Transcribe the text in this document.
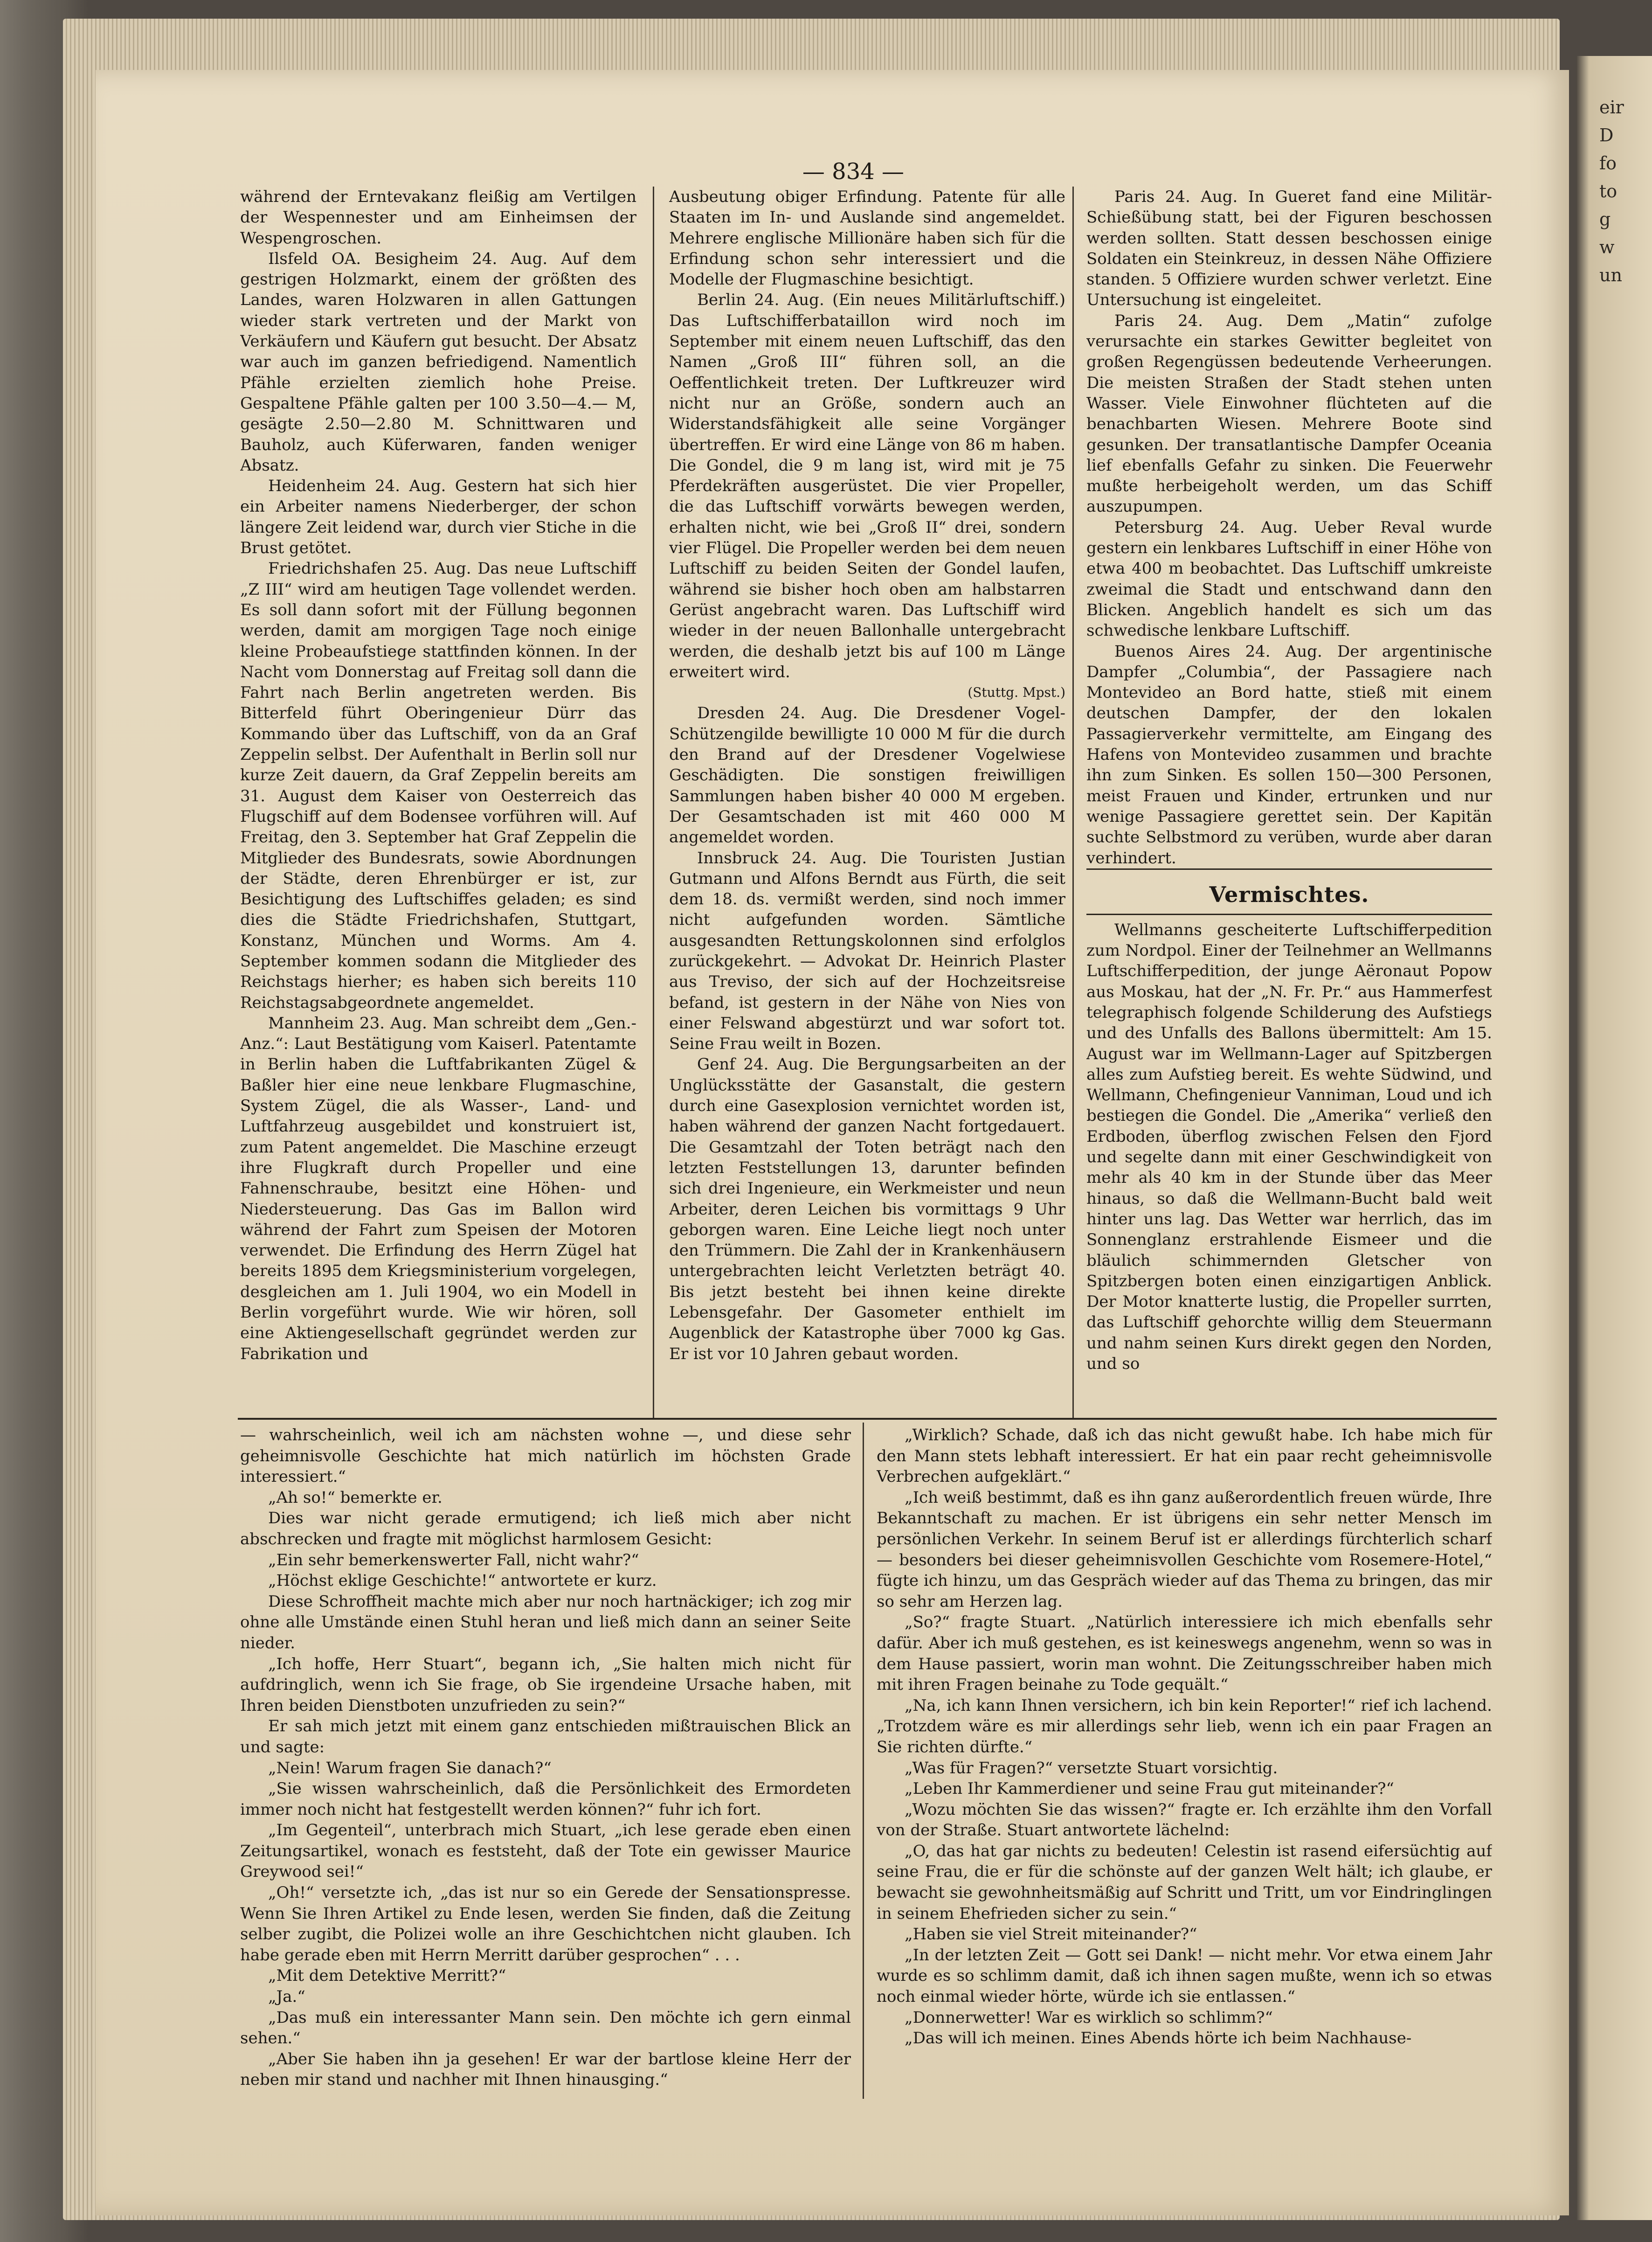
eir
D
fo
to
g
w
un
— 834 —

während der Erntevakanz fleißig am Vertilgen der Wespennester und am Einheimsen der Wespengroschen.

Ilsfeld OA. Besigheim 24. Aug. Auf dem gestrigen Holzmarkt, einem der größten des Landes, waren Holzwaren in allen Gattungen wieder stark vertreten und der Markt von Verkäufern und Käufern gut besucht. Der Absatz war auch im ganzen befriedigend. Namentlich Pfähle erzielten ziemlich hohe Preise. Gespaltene Pfähle galten per 100 3.50—4.— M, gesägte 2.50—2.80 M. Schnittwaren und Bauholz, auch Küferwaren, fanden weniger Absatz.

Heidenheim 24. Aug. Gestern hat sich hier ein Arbeiter namens Niederberger, der schon längere Zeit leidend war, durch vier Stiche in die Brust getötet.

Friedrichshafen 25. Aug. Das neue Luftschiff „Z III“ wird am heutigen Tage vollendet werden. Es soll dann sofort mit der Füllung begonnen werden, damit am morgigen Tage noch einige kleine Probeaufstiege stattfinden können. In der Nacht vom Donnerstag auf Freitag soll dann die Fahrt nach Berlin angetreten werden. Bis Bitterfeld führt Oberingenieur Dürr das Kommando über das Luftschiff, von da an Graf Zeppelin selbst. Der Aufenthalt in Berlin soll nur kurze Zeit dauern, da Graf Zeppelin bereits am 31. August dem Kaiser von Oesterreich das Flugschiff auf dem Bodensee vorführen will. Auf Freitag, den 3. September hat Graf Zeppelin die Mitglieder des Bundesrats, sowie Abordnungen der Städte, deren Ehrenbürger er ist, zur Besichtigung des Luftschiffes geladen; es sind dies die Städte Friedrichshafen, Stuttgart, Konstanz, München und Worms. Am 4. September kommen sodann die Mitglieder des Reichstags hierher; es haben sich bereits 110 Reichstagsabgeordnete angemeldet.

Mannheim 23. Aug. Man schreibt dem „Gen.-Anz.“: Laut Bestätigung vom Kaiserl. Patentamte in Berlin haben die Luftfabrikanten Zügel & Baßler hier eine neue lenkbare Flugmaschine, System Zügel, die als Wasser-, Land- und Luftfahrzeug ausgebildet und konstruiert ist, zum Patent angemeldet. Die Maschine erzeugt ihre Flugkraft durch Propeller und eine Fahnenschraube, besitzt eine Höhen- und Niedersteuerung. Das Gas im Ballon wird während der Fahrt zum Speisen der Motoren verwendet. Die Erfindung des Herrn Zügel hat bereits 1895 dem Kriegsministerium vorgelegen, desgleichen am 1. Juli 1904, wo ein Modell in Berlin vorgeführt wurde. Wie wir hören, soll eine Aktiengesellschaft gegründet werden zur Fabrikation und

Ausbeutung obiger Erfindung. Patente für alle Staaten im In- und Auslande sind angemeldet. Mehrere englische Millionäre haben sich für die Erfindung schon sehr interessiert und die Modelle der Flugmaschine besichtigt.

Berlin 24. Aug. (Ein neues Militärluftschiff.) Das Luftschifferbataillon wird noch im September mit einem neuen Luftschiff, das den Namen „Groß III“ führen soll, an die Oeffentlichkeit treten. Der Luftkreuzer wird nicht nur an Größe, sondern auch an Widerstandsfähigkeit alle seine Vorgänger übertreffen. Er wird eine Länge von 86 m haben. Die Gondel, die 9 m lang ist, wird mit je 75 Pferdekräften ausgerüstet. Die vier Propeller, die das Luftschiff vorwärts bewegen werden, erhalten nicht, wie bei „Groß II“ drei, sondern vier Flügel. Die Propeller werden bei dem neuen Luftschiff zu beiden Seiten der Gondel laufen, während sie bisher hoch oben am halbstarren Gerüst angebracht waren. Das Luftschiff wird wieder in der neuen Ballonhalle untergebracht werden, die deshalb jetzt bis auf 100 m Länge erweitert wird.

(Stuttg. Mpst.)

Dresden 24. Aug. Die Dresdener Vogel-Schützengilde bewilligte 10 000 M für die durch den Brand auf der Dresdener Vogelwiese Geschädigten. Die sonstigen freiwilligen Sammlungen haben bisher 40 000 M ergeben. Der Gesamtschaden ist mit 460 000 M angemeldet worden.

Innsbruck 24. Aug. Die Touristen Justian Gutmann und Alfons Berndt aus Fürth, die seit dem 18. ds. vermißt werden, sind noch immer nicht aufgefunden worden. Sämtliche ausgesandten Rettungskolonnen sind erfolglos zurückgekehrt. — Advokat Dr. Heinrich Plaster aus Treviso, der sich auf der Hochzeitsreise befand, ist gestern in der Nähe von Nies von einer Felswand abgestürzt und war sofort tot. Seine Frau weilt in Bozen.

Genf 24. Aug. Die Bergungsarbeiten an der Unglücksstätte der Gasanstalt, die gestern durch eine Gasexplosion vernichtet worden ist, haben während der ganzen Nacht fortgedauert. Die Gesamtzahl der Toten beträgt nach den letzten Feststellungen 13, darunter befinden sich drei Ingenieure, ein Werkmeister und neun Arbeiter, deren Leichen bis vormittags 9 Uhr geborgen waren. Eine Leiche liegt noch unter den Trümmern. Die Zahl der in Krankenhäusern untergebrachten leicht Verletzten beträgt 40. Bis jetzt besteht bei ihnen keine direkte Lebensgefahr. Der Gasometer enthielt im Augenblick der Katastrophe über 7000 kg Gas. Er ist vor 10 Jahren gebaut worden.

Paris 24. Aug. In Gueret fand eine Militär-Schießübung statt, bei der Figuren beschossen werden sollten. Statt dessen beschossen einige Soldaten ein Steinkreuz, in dessen Nähe Offiziere standen. 5 Offiziere wurden schwer verletzt. Eine Untersuchung ist eingeleitet.

Paris 24. Aug. Dem „Matin“ zufolge verursachte ein starkes Gewitter begleitet von großen Regengüssen bedeutende Verheerungen. Die meisten Straßen der Stadt stehen unten Wasser. Viele Einwohner flüchteten auf die benachbarten Wiesen. Mehrere Boote sind gesunken. Der transatlantische Dampfer Oceania lief ebenfalls Gefahr zu sinken. Die Feuerwehr mußte herbeigeholt werden, um das Schiff auszupumpen.

Petersburg 24. Aug. Ueber Reval wurde gestern ein lenkbares Luftschiff in einer Höhe von etwa 400 m beobachtet. Das Luftschiff umkreiste zweimal die Stadt und entschwand dann den Blicken. Angeblich handelt es sich um das schwedische lenkbare Luftschiff.

Buenos Aires 24. Aug. Der argentinische Dampfer „Columbia“, der Passagiere nach Montevideo an Bord hatte, stieß mit einem deutschen Dampfer, der den lokalen Passagierverkehr vermittelte, am Eingang des Hafens von Montevideo zusammen und brachte ihn zum Sinken. Es sollen 150—300 Personen, meist Frauen und Kinder, ertrunken und nur wenige Passagiere gerettet sein. Der Kapitän suchte Selbstmord zu verüben, wurde aber daran verhindert.

Vermischtes.

Wellmanns gescheiterte Luftschifferpedition zum Nordpol. Einer der Teilnehmer an Wellmanns Luftschifferpedition, der junge Aëronaut Popow aus Moskau, hat der „N. Fr. Pr.“ aus Hammerfest telegraphisch folgende Schilderung des Aufstiegs und des Unfalls des Ballons übermittelt: Am 15. August war im Wellmann-Lager auf Spitzbergen alles zum Aufstieg bereit. Es wehte Südwind, und Wellmann, Chefingenieur Vanniman, Loud und ich bestiegen die Gondel. Die „Amerika“ verließ den Erdboden, überflog zwischen Felsen den Fjord und segelte dann mit einer Geschwindigkeit von mehr als 40 km in der Stunde über das Meer hinaus, so daß die Wellmann-Bucht bald weit hinter uns lag. Das Wetter war herrlich, das im Sonnenglanz erstrahlende Eismeer und die bläulich schimmernden Gletscher von Spitzbergen boten einen einzigartigen Anblick. Der Motor knatterte lustig, die Propeller surrten, das Luftschiff gehorchte willig dem Steuermann und nahm seinen Kurs direkt gegen den Norden, und so

— wahrscheinlich, weil ich am nächsten wohne —, und diese sehr geheimnisvolle Geschichte hat mich natürlich im höchsten Grade interessiert.“

„Ah so!“ bemerkte er.

Dies war nicht gerade ermutigend; ich ließ mich aber nicht abschrecken und fragte mit möglichst harmlosem Gesicht:

„Ein sehr bemerkenswerter Fall, nicht wahr?“

„Höchst eklige Geschichte!“ antwortete er kurz.

Diese Schroffheit machte mich aber nur noch hartnäckiger; ich zog mir ohne alle Umstände einen Stuhl heran und ließ mich dann an seiner Seite nieder.

„Ich hoffe, Herr Stuart“, begann ich, „Sie halten mich nicht für aufdringlich, wenn ich Sie frage, ob Sie irgendeine Ursache haben, mit Ihren beiden Dienstboten unzufrieden zu sein?“

Er sah mich jetzt mit einem ganz entschieden mißtrauischen Blick an und sagte:

„Nein! Warum fragen Sie danach?“

„Sie wissen wahrscheinlich, daß die Persönlichkeit des Ermordeten immer noch nicht hat festgestellt werden können?“ fuhr ich fort.

„Im Gegenteil“, unterbrach mich Stuart, „ich lese gerade eben einen Zeitungsartikel, wonach es feststeht, daß der Tote ein gewisser Maurice Greywood sei!“

„Oh!“ versetzte ich, „das ist nur so ein Gerede der Sensationspresse. Wenn Sie Ihren Artikel zu Ende lesen, werden Sie finden, daß die Zeitung selber zugibt, die Polizei wolle an ihre Geschichtchen nicht glauben. Ich habe gerade eben mit Herrn Merritt darüber gesprochen“ . . .

„Mit dem Detektive Merritt?“

„Ja.“

„Das muß ein interessanter Mann sein. Den möchte ich gern einmal sehen.“

„Aber Sie haben ihn ja gesehen! Er war der bartlose kleine Herr der neben mir stand und nachher mit Ihnen hinausging.“

„Wirklich? Schade, daß ich das nicht gewußt habe. Ich habe mich für den Mann stets lebhaft interessiert. Er hat ein paar recht geheimnisvolle Verbrechen aufgeklärt.“

„Ich weiß bestimmt, daß es ihn ganz außerordentlich freuen würde, Ihre Bekanntschaft zu machen. Er ist übrigens ein sehr netter Mensch im persönlichen Verkehr. In seinem Beruf ist er allerdings fürchterlich scharf — besonders bei dieser geheimnisvollen Geschichte vom Rosemere-Hotel,“ fügte ich hinzu, um das Gespräch wieder auf das Thema zu bringen, das mir so sehr am Herzen lag.

„So?“ fragte Stuart. „Natürlich interessiere ich mich ebenfalls sehr dafür. Aber ich muß gestehen, es ist keineswegs angenehm, wenn so was in dem Hause passiert, worin man wohnt. Die Zeitungsschreiber haben mich mit ihren Fragen beinahe zu Tode gequält.“

„Na, ich kann Ihnen versichern, ich bin kein Reporter!“ rief ich lachend. „Trotzdem wäre es mir allerdings sehr lieb, wenn ich ein paar Fragen an Sie richten dürfte.“

„Was für Fragen?“ versetzte Stuart vorsichtig.

„Leben Ihr Kammerdiener und seine Frau gut miteinander?“

„Wozu möchten Sie das wissen?“ fragte er. Ich erzählte ihm den Vorfall von der Straße. Stuart antwortete lächelnd:

„O, das hat gar nichts zu bedeuten! Celestin ist rasend eifersüchtig auf seine Frau, die er für die schönste auf der ganzen Welt hält; ich glaube, er bewacht sie gewohnheitsmäßig auf Schritt und Tritt, um vor Eindringlingen in seinem Ehefrieden sicher zu sein.“

„Haben sie viel Streit miteinander?“

„In der letzten Zeit — Gott sei Dank! — nicht mehr. Vor etwa einem Jahr wurde es so schlimm damit, daß ich ihnen sagen mußte, wenn ich so etwas noch einmal wieder hörte, würde ich sie entlassen.“

„Donnerwetter! War es wirklich so schlimm?“

„Das will ich meinen. Eines Abends hörte ich beim Nachhause-
